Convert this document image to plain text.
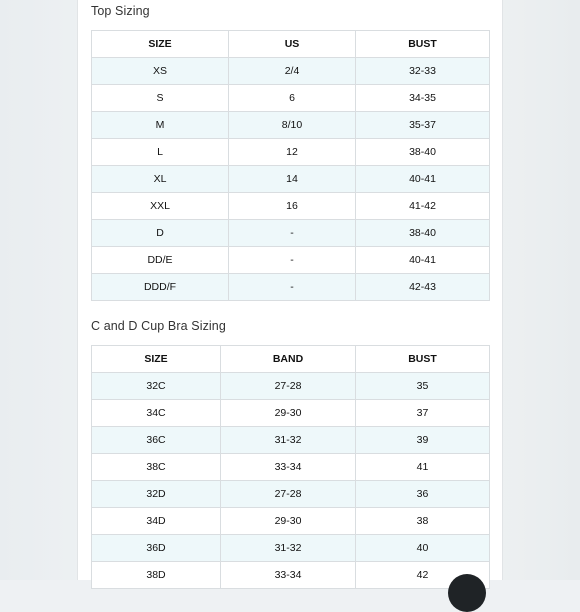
Top Sizing
SIZE	US	BUST
XS	2/4	32-33
S	6	34-35
M	8/10	35-37
L	12	38-40
XL	14	40-41
XXL	16	41-42
D	-	38-40
DD/E	-	40-41
DDD/F	-	42-43
C and D Cup Bra Sizing
SIZE	BAND	BUST
32C	27-28	35
34C	29-30	37
36C	31-32	39
38C	33-34	41
32D	27-28	36
34D	29-30	38
36D	31-32	40
38D	33-34	42
